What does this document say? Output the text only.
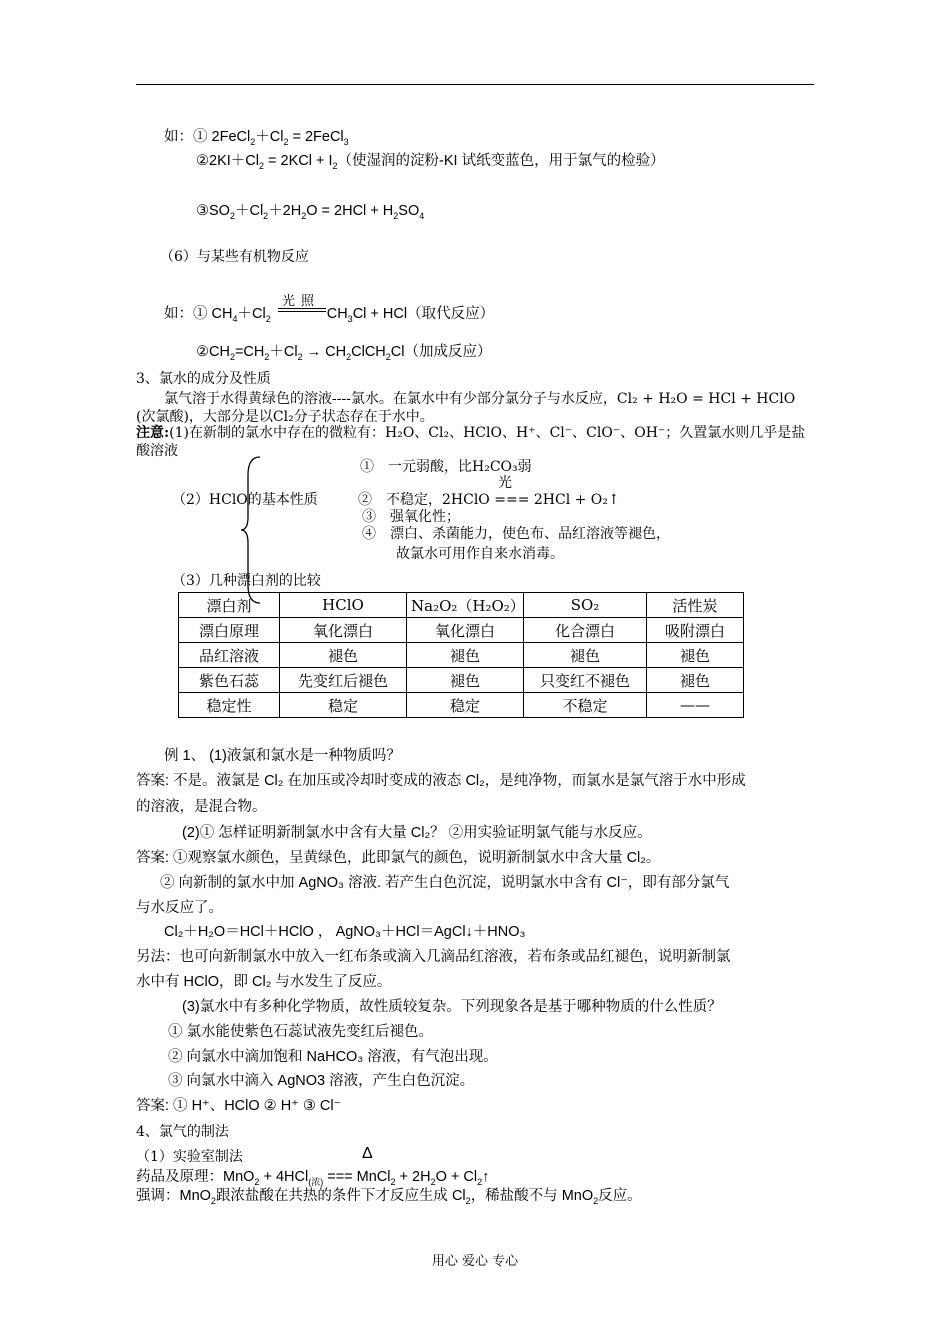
如：① $2FeCl_2+Cl_2$ = 2FeCl$_3$
$②2KI+Cl_2 = 2KCl + I_2$（使湿润的淀粉-KI 试纸变蓝色，用于氯气的检验）
$③SO_2+Cl_2+2H_2O = 2HCl + H_2SO_4$
（6）与某些有机物反应
如：① $CH_4+Cl_2$	$CH_3Cl + HCl$（取代反应）
光照
$②CH_2=CH_2+Cl_2$ → $CH_2ClCH_2Cl$（加成反应）
3、氯水的成分及性质
　　氯气溶于水得黄绿色的溶液----氯水。在氯水中有少部分氯分子与水反应，Cl₂ + H₂O = HCl + HClO (次氯酸)，大部分是以Cl₂分子状态存在于水中。
注意:(1)在新制的氯水中存在的微粒有：H₂O、Cl₂、HClO、H⁺、Cl⁻、ClO⁻、OH⁻；久置氯水则几乎是盐酸溶液
①　一元弱酸，比H₂CO₃弱
光
（2）HClO的基本性质	②　不稳定，2HClO === 2HCl + O₂↑
③　强氧化性；
④　漂白、杀菌能力，使色布、品红溶液等褪色，
故氯水可用作自来水消毒。
（3）几种漂白剂的比较
漂白剂	HClO	Na₂O₂（H₂O₂）	SO₂	活性炭
漂白原理	氧化漂白	氧化漂白	化合漂白	吸附漂白
品红溶液	褪色	褪色	褪色	褪色
紫色石蕊	先变红后褪色	褪色	只变红不褪色	褪色
稳定性	稳定	稳定	不稳定	——
例 1、 (1)液氯和氯水是一种物质吗？
答案: 不是。液氯是 Cl₂ 在加压或冷却时变成的液态 Cl₂，是纯净物，而氯水是氯气溶于水中形成
的溶液，是混合物。
(2)① 怎样证明新制氯水中含有大量 Cl₂？ ②用实验证明氯气能与水反应。
答案: ①观察氯水颜色，呈黄绿色，此即氯气的颜色，说明新制氯水中含大量 Cl₂。
② 向新制的氯水中加 AgNO₃ 溶液. 若产生白色沉淀，说明氯水中含有 Cl⁻，即有部分氯气
与水反应了。
Cl₂＋H₂O＝HCl＋HClO ， AgNO₃＋HCl＝AgCl↓＋HNO₃
另法：也可向新制氯水中放入一红布条或滴入几滴品红溶液，若布条或品红褪色，说明新制氯
水中有 HClO，即 Cl₂ 与水发生了反应。
(3)氯水中有多种化学物质，故性质较复杂。下列现象各是基于哪种物质的什么性质？
① 氯水能使紫色石蕊试液先变红后褪色。
② 向氯水中滴加饱和 NaHCO₃ 溶液，有气泡出现。
③ 向氯水中滴入 AgNO3 溶液，产生白色沉淀。
答案: ① H⁺、HClO ② H⁺ ③ Cl⁻
4、氯气的制法
（1）实验室制法	Δ
药品及原理：MnO$_2$ + 4HCl$_{(浓)}$ === MnCl$_2$ + $2H_2O$ + $Cl_2↑$
强调：MnO$_2$跟浓盐酸在共热的条件下才反应生成 $Cl_2$，稀盐酸不与 MnO$_2$反应。
用心 爱心 专心
